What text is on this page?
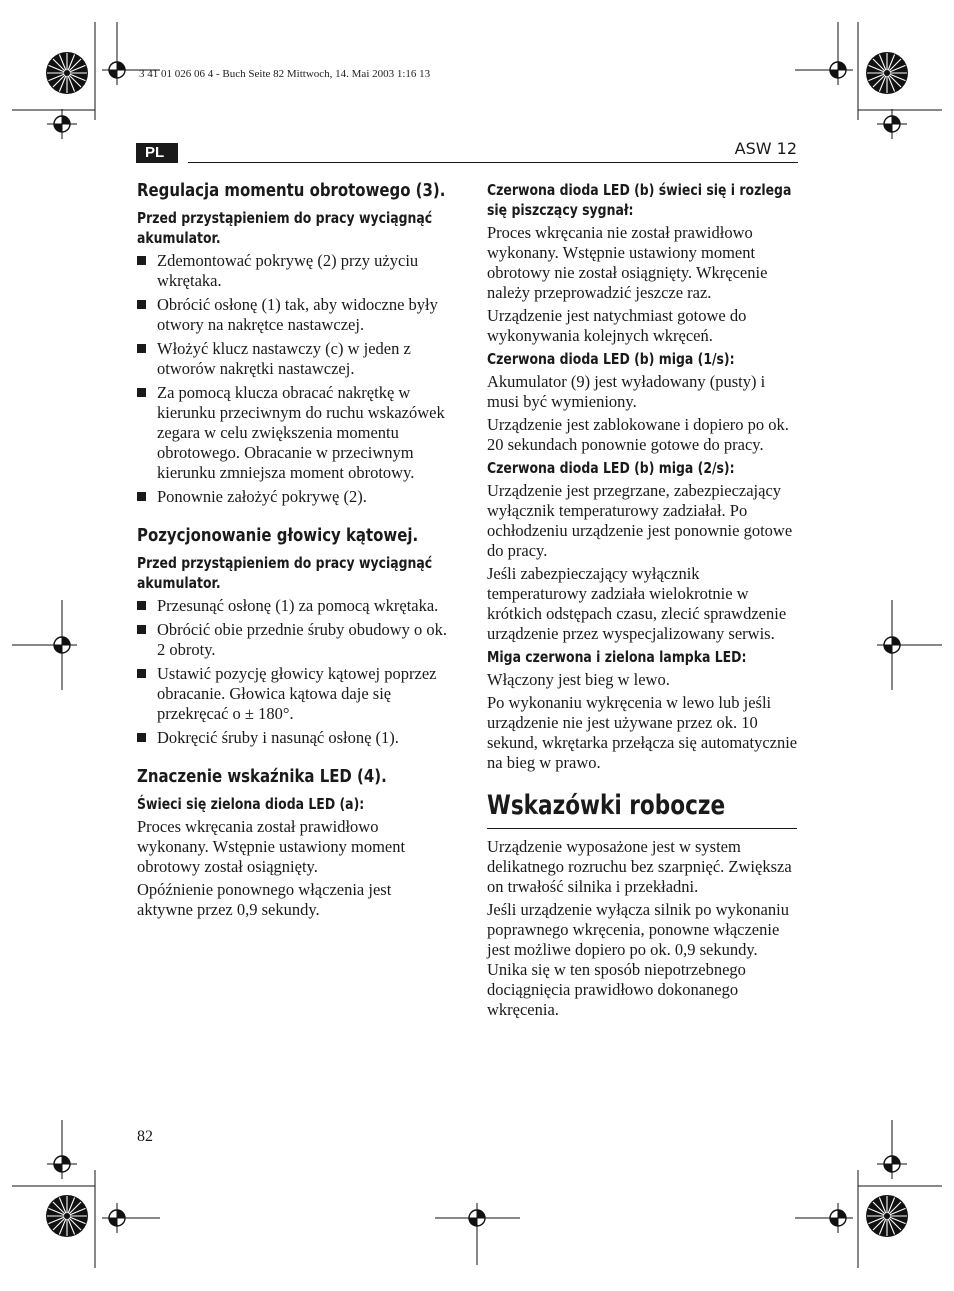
3 41 01 026 06 4 - Buch Seite 82 Mittwoch, 14. Mai 2003 1:16 13
PL	ASW 12
Regulacja momentu obrotowego (3).
Przed przystąpieniem do pracy wyciągnąć akumulator.
Zdemontować pokrywę (2) przy użyciu wkrętaka.
Obrócić osłonę (1) tak, aby widoczne były otwory na nakrętce nastawczej.
Włożyć klucz nastawczy (c) w jeden z otworów nakrętki nastawczej.
Za pomocą klucza obracać nakrętkę w kierunku przeciwnym do ruchu wskazówek zegara w celu zwiększenia momentu obrotowego. Obracanie w przeciwnym kierunku zmniejsza moment obrotowy.
Ponownie założyć pokrywę (2).
Pozycjonowanie głowicy kątowej.
Przed przystąpieniem do pracy wyciągnąć akumulator.
Przesunąć osłonę (1) za pomocą wkrętaka.
Obrócić obie przednie śruby obudowy o ok. 2 obroty.
Ustawić pozycję głowicy kątowej poprzez obracanie. Głowica kątowa daje się przekręcać o ± 180°.
Dokręcić śruby i nasunąć osłonę (1).
Znaczenie wskaźnika LED (4).
Świeci się zielona dioda LED (a):

Proces wkręcania został prawidłowo wykonany. Wstępnie ustawiony moment obrotowy został osiągnięty.

Opóźnienie ponownego włączenia jest aktywne przez 0,9 sekundy.

Czerwona dioda LED (b) świeci się i rozlega się piszczący sygnał:

Proces wkręcania nie został prawidłowo wykonany. Wstępnie ustawiony moment obrotowy nie został osiągnięty. Wkręcenie należy przeprowadzić jeszcze raz.

Urządzenie jest natychmiast gotowe do wykonywania kolejnych wkręceń.

Czerwona dioda LED (b) miga (1/s):

Akumulator (9) jest wyładowany (pusty) i musi być wymieniony.

Urządzenie jest zablokowane i dopiero po ok. 20 sekundach ponownie gotowe do pracy.

Czerwona dioda LED (b) miga (2/s):

Urządzenie jest przegrzane, zabezpieczający wyłącznik temperaturowy zadziałał. Po ochłodzeniu urządzenie jest ponownie gotowe do pracy.

Jeśli zabezpieczający wyłącznik temperaturowy zadziała wielokrotnie w krótkich odstępach czasu, zlecić sprawdzenie urządzenie przez wyspecjalizowany serwis.

Miga czerwona i zielona lampka LED:

Włączony jest bieg w lewo.

Po wykonaniu wykręcenia w lewo lub jeśli urządzenie nie jest używane przez ok. 10 sekund, wkrętarka przełącza się automatycznie na bieg w prawo.

Wskazówki robocze

Urządzenie wyposażone jest w system delikatnego rozruchu bez szarpnięć. Zwiększa on trwałość silnika i przekładni.

Jeśli urządzenie wyłącza silnik po wykonaniu poprawnego wkręcenia, ponowne włączenie jest możliwe dopiero po ok. 0,9 sekundy. Unika się w ten sposób niepotrzebnego dociągnięcia prawidłowo dokonanego wkręcenia.

82
